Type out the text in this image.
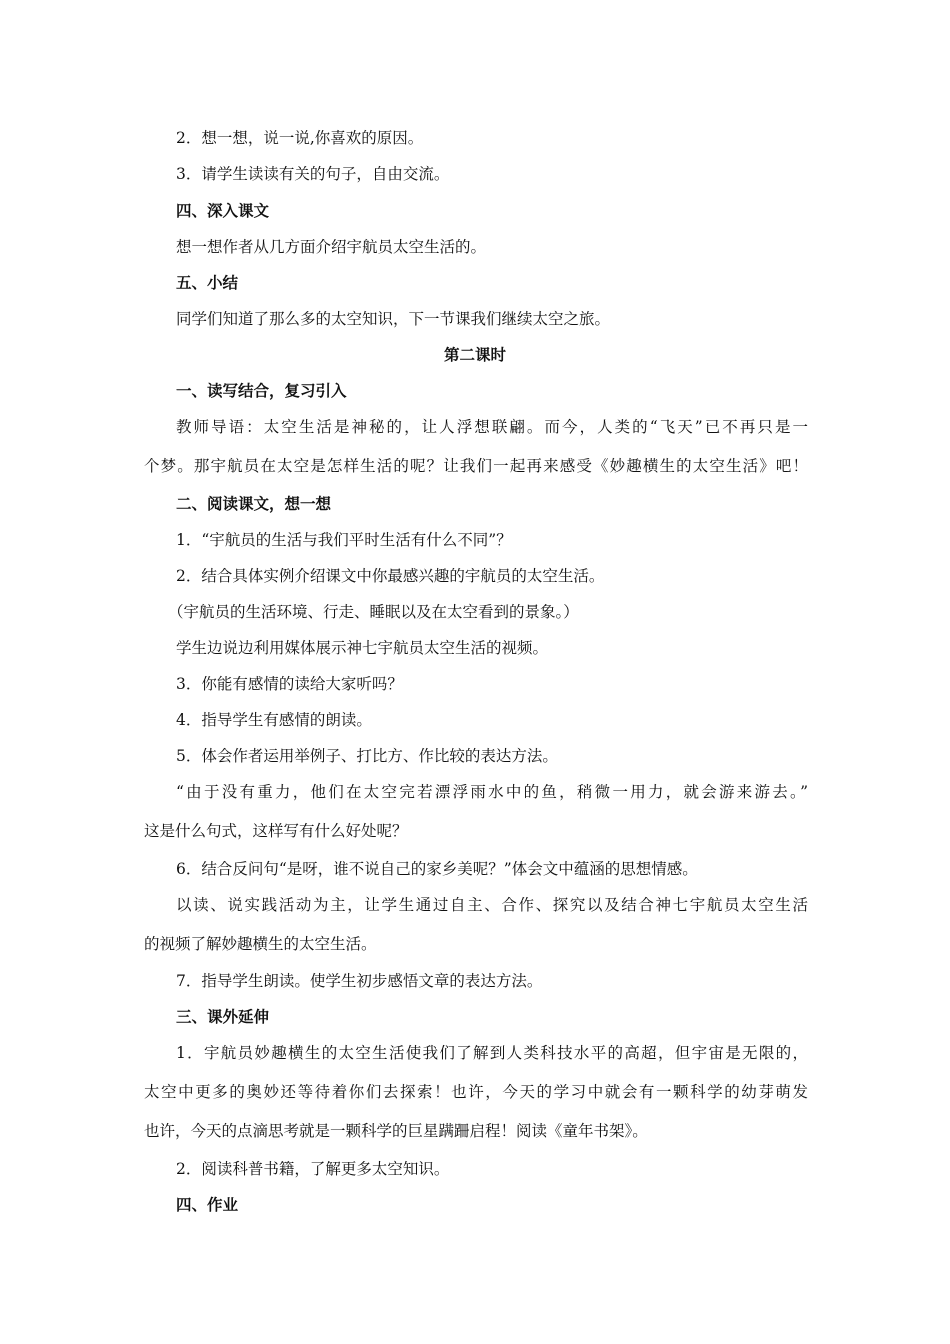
2．想一想，说一说,你喜欢的原因。
3．请学生读读有关的句子，自由交流。
四、深入课文
想一想作者从几方面介绍宇航员太空生活的。
五、小结
同学们知道了那么多的太空知识，下一节课我们继续太空之旅。
第二课时
一、读写结合，复习引入
教师导语：太空生活是神秘的，让人浮想联翩。而今，人类的“飞天”已不再只是一
个梦。那宇航员在太空是怎样生活的呢？让我们一起再来感受《妙趣横生的太空生活》吧！
二、阅读课文，想一想
1．“宇航员的生活与我们平时生活有什么不同”？
2．结合具体实例介绍课文中你最感兴趣的宇航员的太空生活。
（宇航员的生活环境、行走、睡眠以及在太空看到的景象。）
学生边说边利用媒体展示神七宇航员太空生活的视频。
3．你能有感情的读给大家听吗？
4．指导学生有感情的朗读。
5．体会作者运用举例子、打比方、作比较的表达方法。
“由于没有重力，他们在太空完若漂浮雨水中的鱼，稍微一用力，就会游来游去。”
这是什么句式，这样写有什么好处呢？
6．结合反问句“是呀，谁不说自己的家乡美呢？”体会文中蕴涵的思想情感。
以读、说实践活动为主，让学生通过自主、合作、探究以及结合神七宇航员太空生活
的视频了解妙趣横生的太空生活。
7．指导学生朗读。使学生初步感悟文章的表达方法。
三、课外延伸
1．宇航员妙趣横生的太空生活使我们了解到人类科技水平的高超，但宇宙是无限的，
太空中更多的奥妙还等待着你们去探索！也许，今天的学习中就会有一颗科学的幼芽萌发
也许，今天的点滴思考就是一颗科学的巨星蹒跚启程！阅读《童年书架》。
2．阅读科普书籍，了解更多太空知识。
四、作业
